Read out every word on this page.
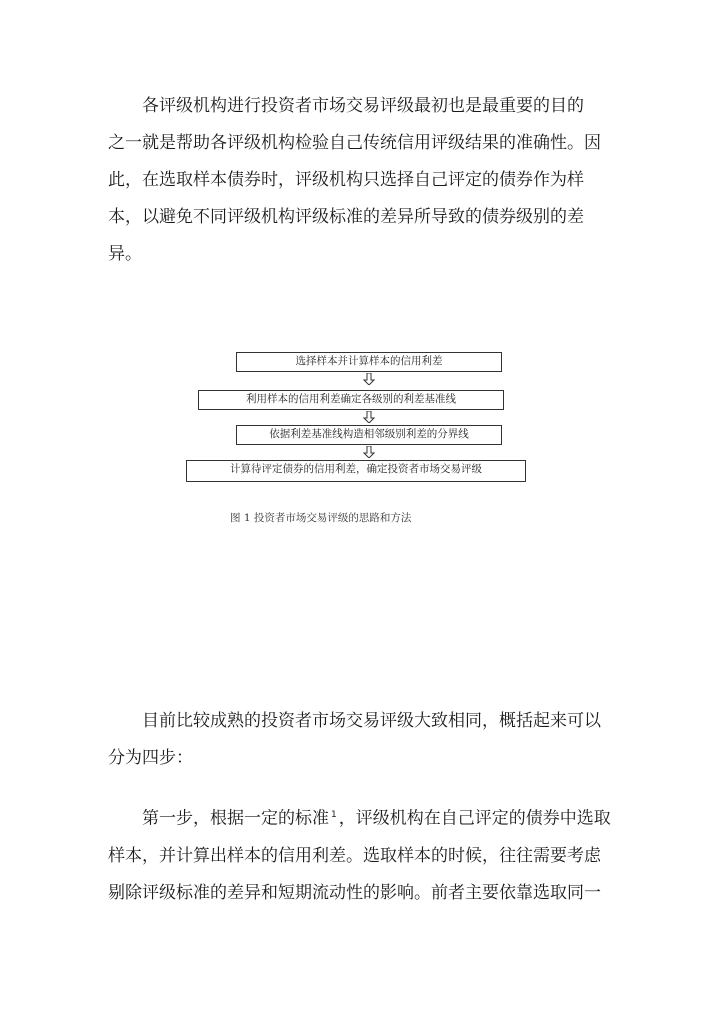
各评级机构进行投资者市场交易评级最初也是最重要的目的
之一就是帮助各评级机构检验自己传统信用评级结果的准确性。因
此，在选取样本债券时，评级机构只选择自己评定的债券作为样
本，以避免不同评级机构评级标准的差异所导致的债券级别的差
异。
选择样本并计算样本的信用利差
利用样本的信用利差确定各级别的利差基准线
依据利差基准线构造相邻级别利差的分界线
计算待评定债券的信用利差，确定投资者市场交易评级
图 1 投资者市场交易评级的思路和方法
目前比较成熟的投资者市场交易评级大致相同，概括起来可以
分为四步：
第一步，根据一定的标准 $^1$ ，评级机构在自己评定的债券中选取
样本，并计算出样本的信用利差。选取样本的时候，往往需要考虑
剔除评级标准的差异和短期流动性的影响。前者主要依靠选取同一
